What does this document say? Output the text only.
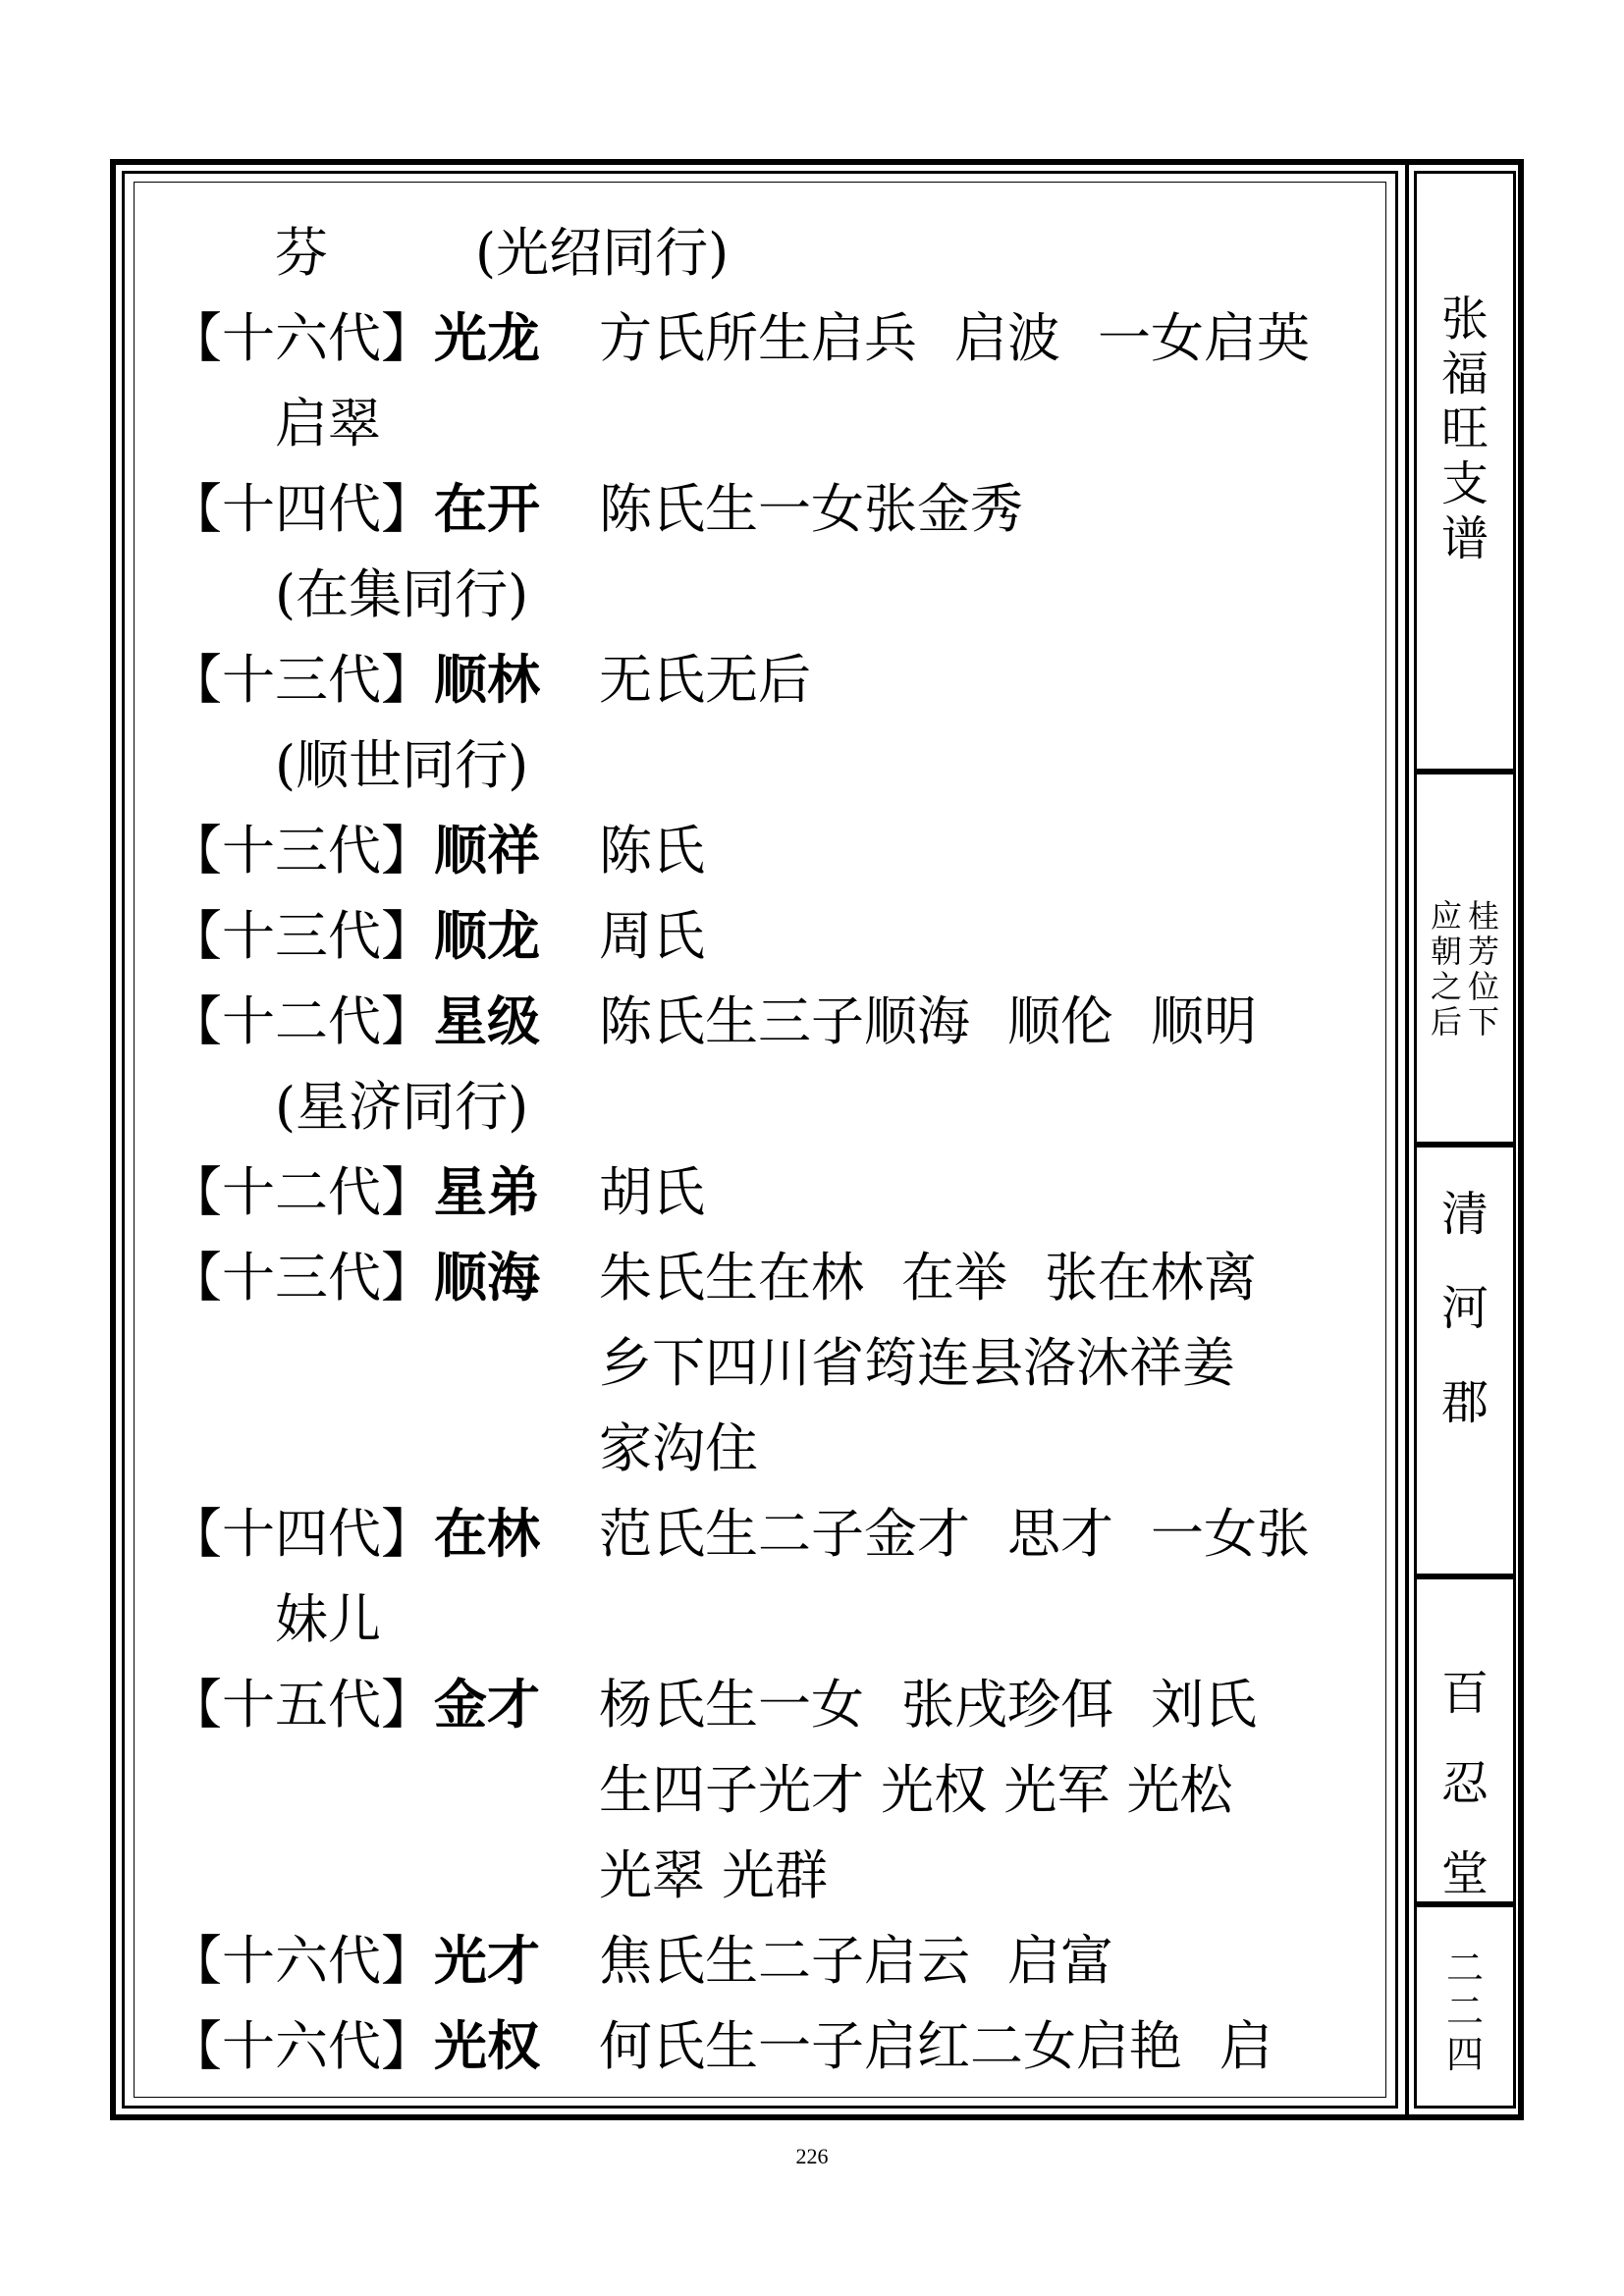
芬	(光绍同行)
【十六代】光龙 方氏所生启兵 启波 一女启英
启翠
【十四代】在开 陈氏生一女张金秀
(在集同行)
【十三代】顺林 无氏无后
(顺世同行)
【十三代】顺祥 陈氏
【十三代】顺龙 周氏
【十二代】星级 陈氏生三子顺海 顺伦 顺明
(星济同行)
【十二代】星弟 胡氏
【十三代】顺海 朱氏生在林 在举 张在林离
乡下四川省筠连县洛沐祥姜
家沟住
【十四代】在林 范氏生二子金才 思才 一女张
妹儿
【十五代】金才 杨氏生一女 张戌珍佴 刘氏
生四子光才 光权 光军 光松
光翠 光群
【十六代】光才 焦氏生二子启云 启富
【十六代】光权 何氏生一子启红二女启艳 启
张
福
旺
支
谱
桂
芳
位
下
应
朝
之
后
清
河
郡
百
忍
堂
二
二
四
226
